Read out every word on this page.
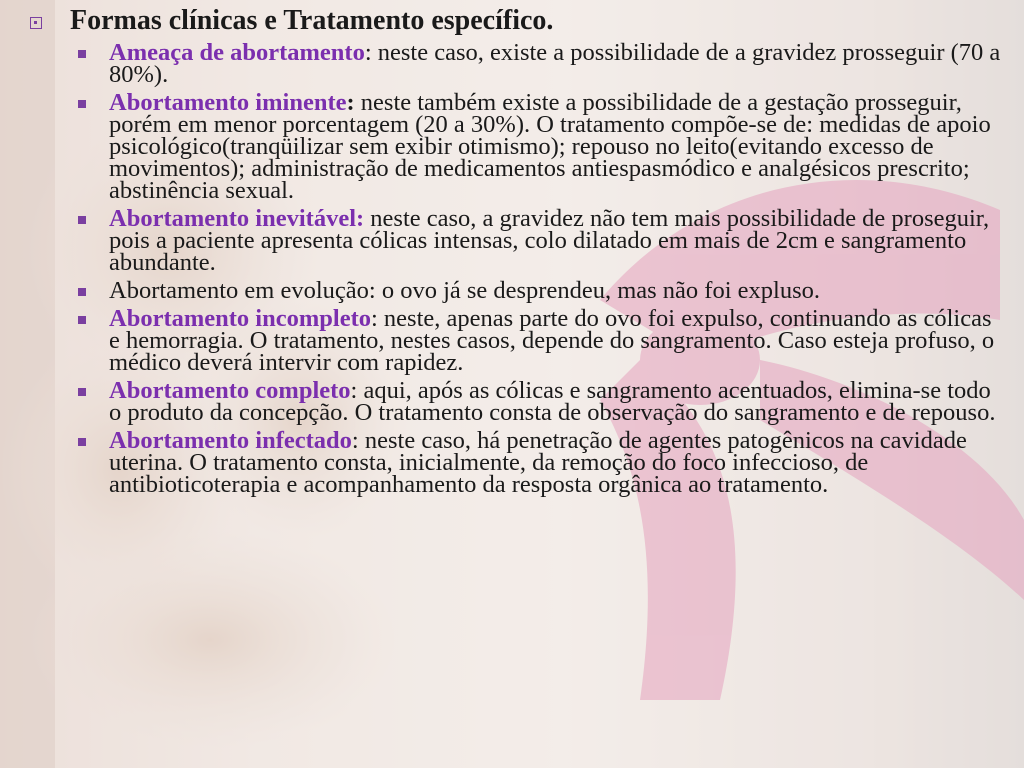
Formas clínicas e Tratamento específico.
Ameaça de abortamento: neste caso, existe a possibilidade de a gravidez prosseguir (70 a 80%).
Abortamento iminente: neste também existe a possibilidade de a gestação prosseguir, porém em menor porcentagem (20 a 30%). O tratamento compõe-se de: medidas de apoio psicológico(tranqüilizar sem exibir otimismo); repouso no leito(evitando excesso de movimentos); administração de medicamentos antiespasmódico e analgésicos prescrito; abstinência sexual.
Abortamento inevitável: neste caso, a gravidez não tem mais possibilidade de proseguir, pois a paciente apresenta cólicas intensas, colo dilatado em mais de 2cm e sangramento abundante.
Abortamento em evolução: o ovo já se desprendeu, mas não foi expluso.
Abortamento incompleto: neste, apenas parte do ovo foi expulso, continuando as cólicas e hemorragia. O tratamento, nestes casos, depende do sangramento. Caso esteja profuso, o médico deverá intervir com rapidez.
Abortamento completo: aqui, após as cólicas e sangramento acentuados, elimina-se todo o produto da concepção. O tratamento consta de observação do sangramento e de repouso.
Abortamento infectado: neste caso, há penetração de agentes patogênicos na cavidade uterina. O tratamento consta, inicialmente, da remoção do foco infeccioso, de antibioticoterapia e acompanhamento da resposta orgânica ao tratamento.
